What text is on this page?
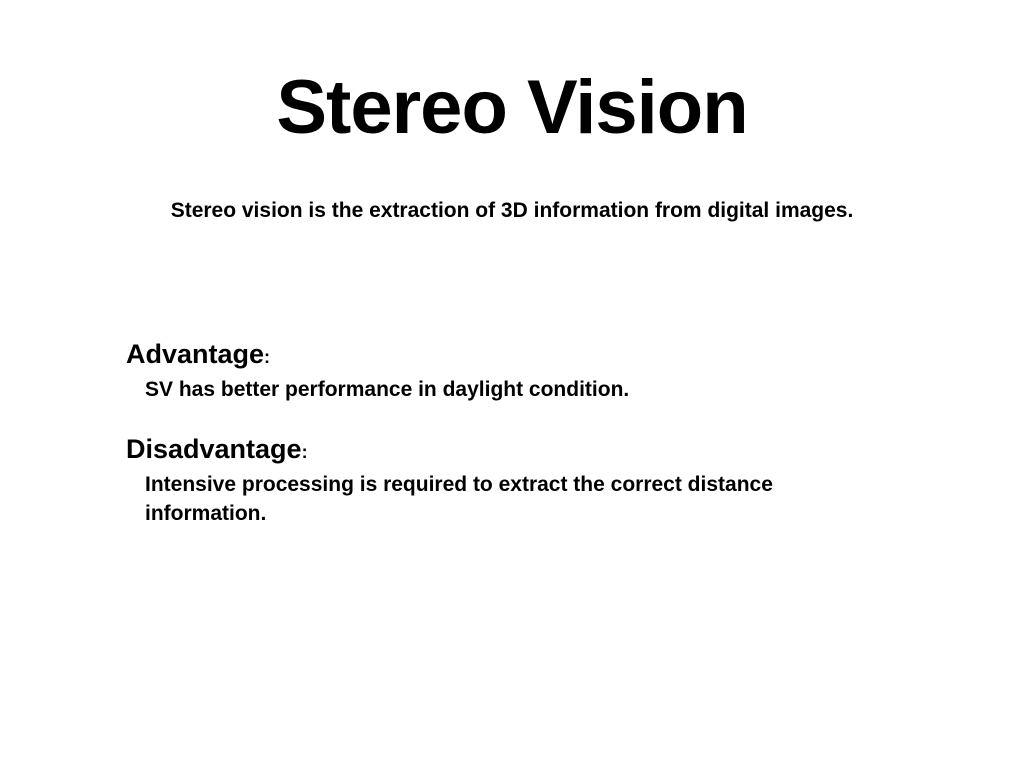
Stereo Vision

Stereo vision is the extraction of 3D information from digital images.

Advantage:

SV has better performance in daylight condition.

Disadvantage:

Intensive processing is required to extract the correct distance information.
